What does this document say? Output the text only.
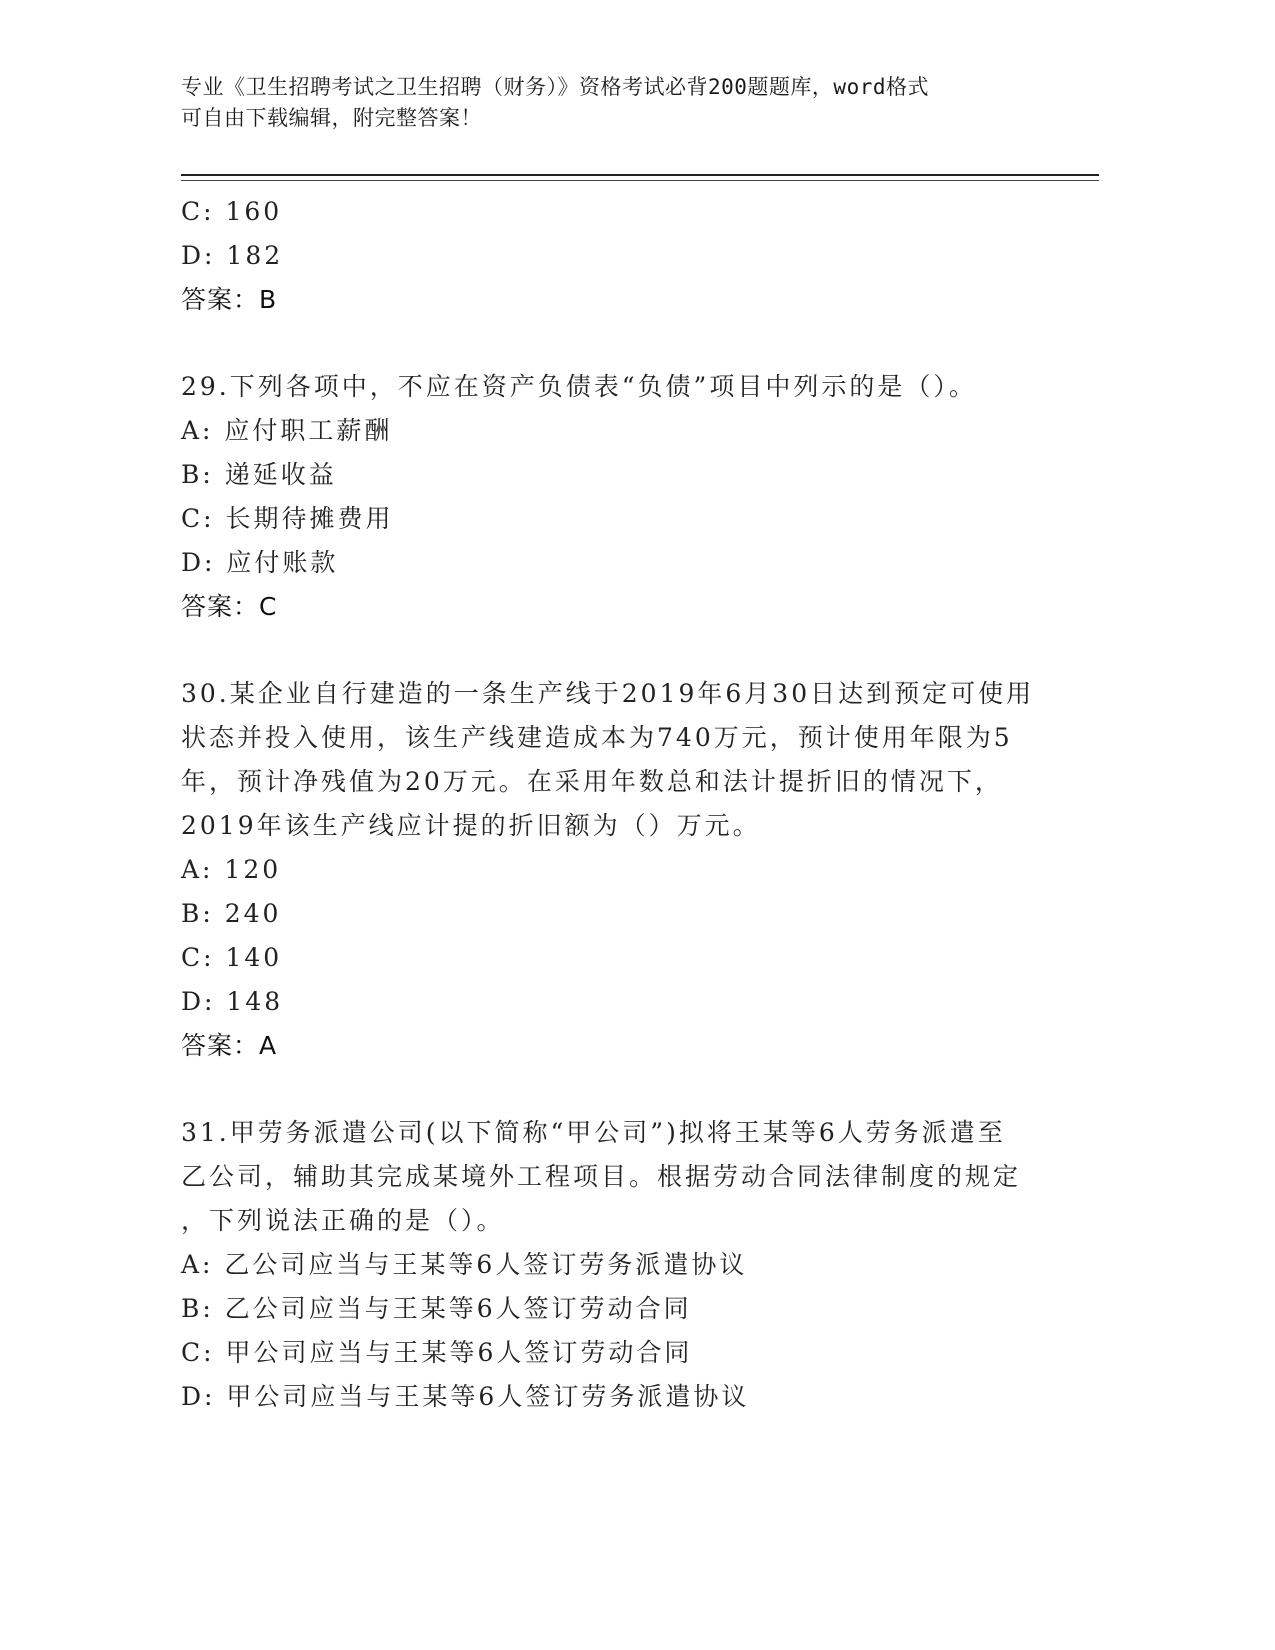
专业《卫生招聘考试之卫生招聘（财务）》资格考试必背200题题库，word格式
可自由下载编辑，附完整答案！
C: 160
D: 182
答案：B
29.下列各项中，不应在资产负债表“负债”项目中列示的是（）。
A: 应付职工薪酬
B: 递延收益
C: 长期待摊费用
D: 应付账款
答案：C
30.某企业自行建造的一条生产线于2019年6月30日达到预定可使用
状态并投入使用，该生产线建造成本为740万元，预计使用年限为5
年，预计净残值为20万元。在采用年数总和法计提折旧的情况下，
2019年该生产线应计提的折旧额为（）万元。
A: 120
B: 240
C: 140
D: 148
答案：A
31.甲劳务派遣公司(以下简称“甲公司”)拟将王某等6人劳务派遣至
乙公司，辅助其完成某境外工程项目。根据劳动合同法律制度的规定
，下列说法正确的是（）。
A: 乙公司应当与王某等6人签订劳务派遣协议
B: 乙公司应当与王某等6人签订劳动合同
C: 甲公司应当与王某等6人签订劳动合同
D: 甲公司应当与王某等6人签订劳务派遣协议
